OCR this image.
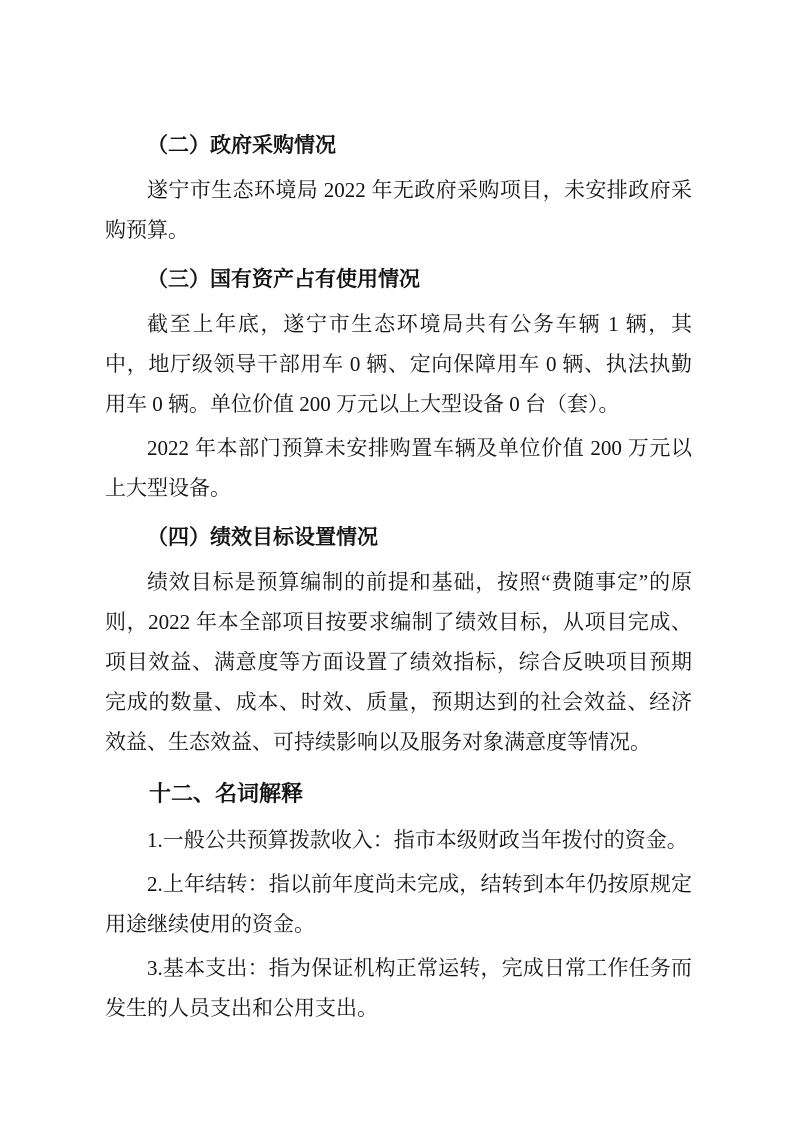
（二）政府采购情况

遂宁市生态环境局 2022 年无政府采购项目，未安排政府采购预算。

（三）国有资产占有使用情况

截至上年底，遂宁市生态环境局共有公务车辆 1 辆，其中，地厅级领导干部用车 0 辆、定向保障用车 0 辆、执法执勤用车 0 辆。单位价值 200 万元以上大型设备 0 台（套）。

2022 年本部门预算未安排购置车辆及单位价值 200 万元以上大型设备。

（四）绩效目标设置情况

绩效目标是预算编制的前提和基础，按照“费随事定”的原则，2022 年本全部项目按要求编制了绩效目标，从项目完成、项目效益、满意度等方面设置了绩效指标，综合反映项目预期完成的数量、成本、时效、质量，预期达到的社会效益、经济效益、生态效益、可持续影响以及服务对象满意度等情况。

十二、名词解释

1.一般公共预算拨款收入：指市本级财政当年拨付的资金。

2.上年结转：指以前年度尚未完成，结转到本年仍按原规定用途继续使用的资金。

3.基本支出：指为保证机构正常运转，完成日常工作任务而发生的人员支出和公用支出。
